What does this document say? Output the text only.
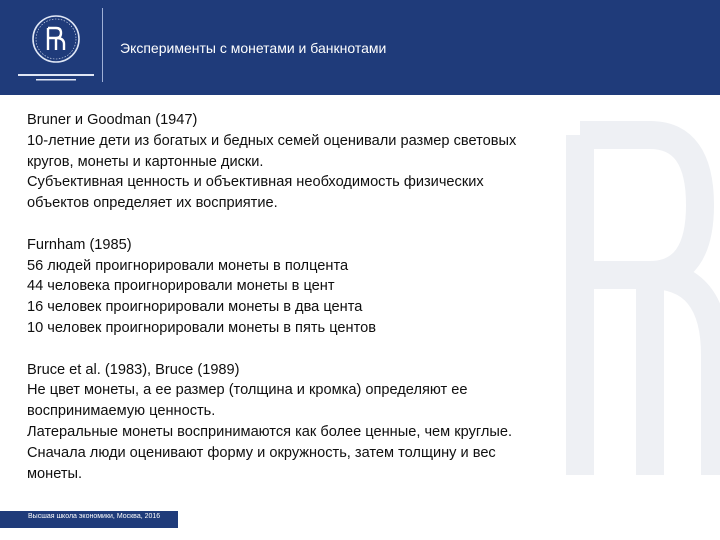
Эксперименты с монетами и банкнотами
Bruner и Goodman (1947)
10-летние дети из богатых и бедных семей оценивали размер световых
кругов, монеты и картонные диски.
Субъективная ценность и объективная необходимость физических
объектов определяет их восприятие.
Furnham (1985)
56 людей проигнорировали монеты в полцента
44 человека проигнорировали монеты в цент
16 человек проигнорировали монеты в два цента
10 человек проигнорировали монеты в пять центов
Bruce et al. (1983), Bruce (1989)
Не цвет монеты, а ее размер (толщина и кромка) определяют ее
воспринимаемую ценность.
Латеральные монеты воспринимаются как более ценные, чем круглые.
Сначала люди оценивают форму и окружность, затем толщину и вес
монеты.
Высшая школа экономики, Москва, 2016
